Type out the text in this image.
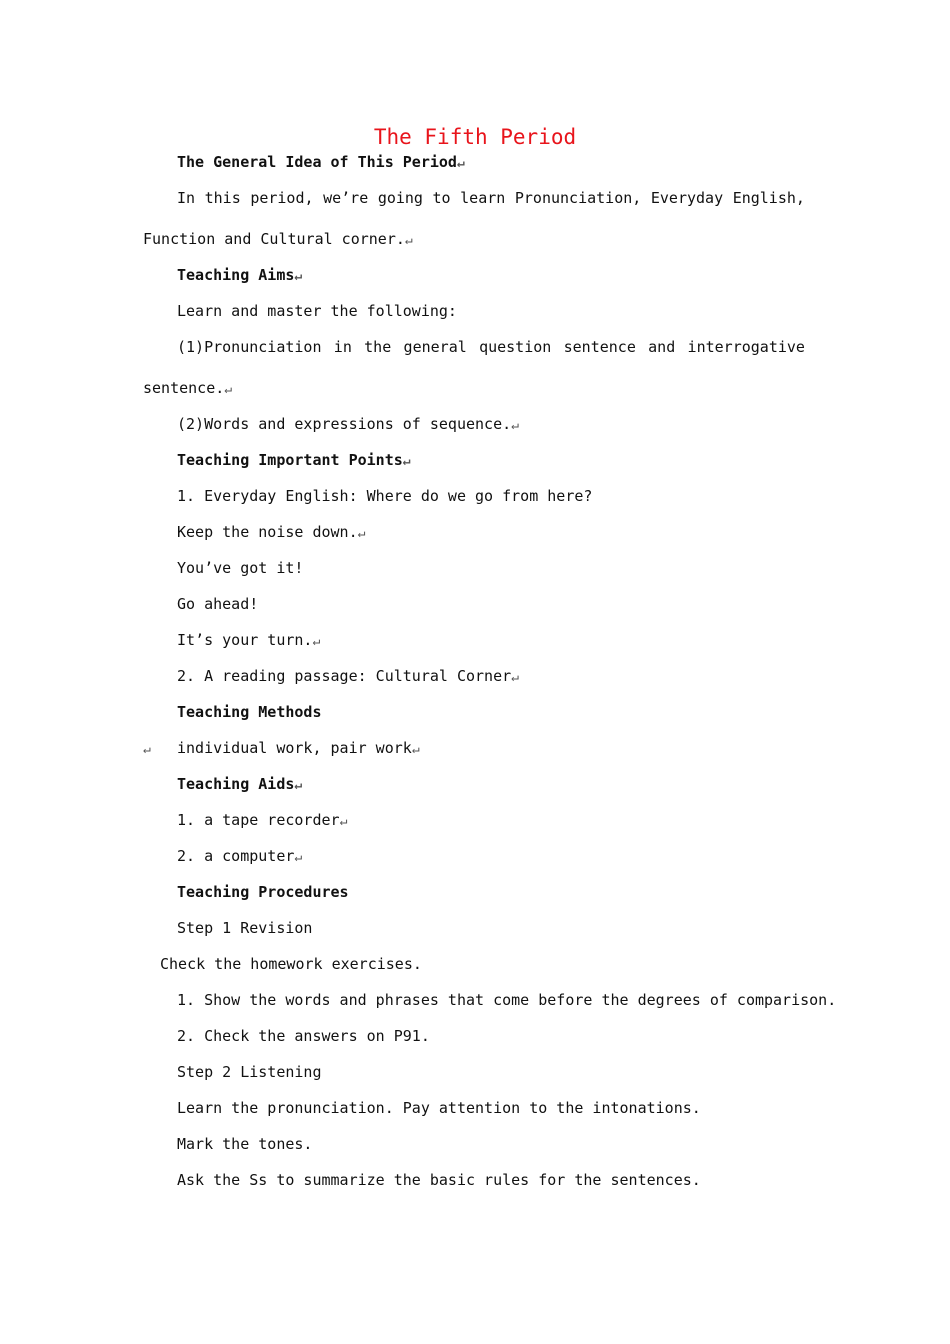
The Fifth Period
The General Idea of This Period↵
In this period, we’re going to learn Pronunciation, Everyday English,
Function and Cultural corner.↵
Teaching Aims↵
Learn and master the following:
(1)Pronunciation in the general question sentence and interrogative
sentence.↵
(2)Words and expressions of sequence.↵
Teaching Important Points↵
1. Everyday English: Where do we go from here?
Keep the noise down.↵
You’ve got it!
Go ahead!
It’s your turn.↵
2. A reading passage: Cultural Corner↵
Teaching Methods
↵ individual work, pair work↵
Teaching Aids↵
1. a tape recorder↵
2. a computer↵
Teaching Procedures
Step 1 Revision
Check the homework exercises.
1. Show the words and phrases that come before the degrees of comparison.
2. Check the answers on P91.
Step 2 Listening
Learn the pronunciation. Pay attention to the intonations.
Mark the tones.
Ask the Ss to summarize the basic rules for the sentences.
